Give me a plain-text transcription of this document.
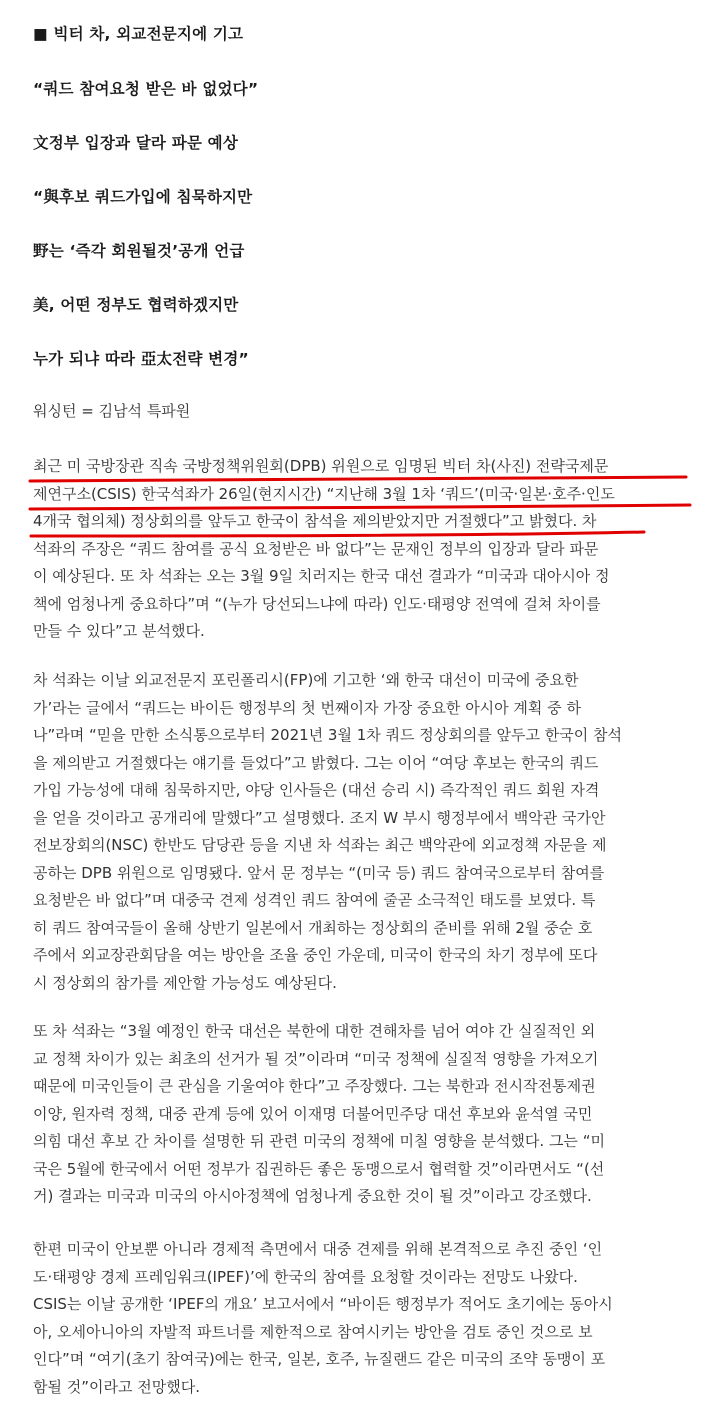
■ 빅터 차, 외교전문지에 기고
“쿼드 참여요청 받은 바 없었다”
文정부 입장과 달라 파문 예상
“與후보 쿼드가입에 침묵하지만
野는 ‘즉각 회원될것’공개 언급
美, 어떤 정부도 협력하겠지만
누가 되냐 따라 亞太전략 변경”
워싱턴 = 김남석 특파원
최근 미 국방장관 직속 국방정책위원회(DPB) 위원으로 임명된 빅터 차(사진) 전략국제문
제연구소(CSIS) 한국석좌가 26일(현지시간) “지난해 3월 1차 ‘쿼드’(미국·일본·호주·인도
4개국 협의체) 정상회의를 앞두고 한국이 참석을 제의받았지만 거절했다”고 밝혔다. 차
석좌의 주장은 “쿼드 참여를 공식 요청받은 바 없다”는 문재인 정부의 입장과 달라 파문
이 예상된다. 또 차 석좌는 오는 3월 9일 치러지는 한국 대선 결과가 “미국과 대아시아 정
책에 엄청나게 중요하다”며 “(누가 당선되느냐에 따라) 인도·태평양 전역에 걸쳐 차이를
만들 수 있다”고 분석했다.
차 석좌는 이날 외교전문지 포린폴리시(FP)에 기고한 ‘왜 한국 대선이 미국에 중요한
가’라는 글에서 “쿼드는 바이든 행정부의 첫 번째이자 가장 중요한 아시아 계획 중 하
나”라며 “믿을 만한 소식통으로부터 2021년 3월 1차 쿼드 정상회의를 앞두고 한국이 참석
을 제의받고 거절했다는 얘기를 들었다”고 밝혔다. 그는 이어 “여당 후보는 한국의 쿼드
가입 가능성에 대해 침묵하지만, 야당 인사들은 (대선 승리 시) 즉각적인 쿼드 회원 자격
을 얻을 것이라고 공개리에 말했다”고 설명했다. 조지 W 부시 행정부에서 백악관 국가안
전보장회의(NSC) 한반도 담당관 등을 지낸 차 석좌는 최근 백악관에 외교정책 자문을 제
공하는 DPB 위원으로 임명됐다. 앞서 문 정부는 “(미국 등) 쿼드 참여국으로부터 참여를
요청받은 바 없다”며 대중국 견제 성격인 쿼드 참여에 줄곧 소극적인 태도를 보였다. 특
히 쿼드 참여국들이 올해 상반기 일본에서 개최하는 정상회의 준비를 위해 2월 중순 호
주에서 외교장관회담을 여는 방안을 조율 중인 가운데, 미국이 한국의 차기 정부에 또다
시 정상회의 참가를 제안할 가능성도 예상된다.
또 차 석좌는 “3월 예정인 한국 대선은 북한에 대한 견해차를 넘어 여야 간 실질적인 외
교 정책 차이가 있는 최초의 선거가 될 것”이라며 “미국 정책에 실질적 영향을 가져오기
때문에 미국인들이 큰 관심을 기울여야 한다”고 주장했다. 그는 북한과 전시작전통제권
이양, 원자력 정책, 대중 관계 등에 있어 이재명 더불어민주당 대선 후보와 윤석열 국민
의힘 대선 후보 간 차이를 설명한 뒤 관련 미국의 정책에 미칠 영향을 분석했다. 그는 “미
국은 5월에 한국에서 어떤 정부가 집권하든 좋은 동맹으로서 협력할 것”이라면서도 “(선
거) 결과는 미국과 미국의 아시아정책에 엄청나게 중요한 것이 될 것”이라고 강조했다.
한편 미국이 안보뿐 아니라 경제적 측면에서 대중 견제를 위해 본격적으로 추진 중인 ‘인
도·태평양 경제 프레임워크(IPEF)’에 한국의 참여를 요청할 것이라는 전망도 나왔다.
CSIS는 이날 공개한 ‘IPEF의 개요’ 보고서에서 “바이든 행정부가 적어도 초기에는 동아시
아, 오세아니아의 자발적 파트너를 제한적으로 참여시키는 방안을 검토 중인 것으로 보
인다”며 “여기(초기 참여국)에는 한국, 일본, 호주, 뉴질랜드 같은 미국의 조약 동맹이 포
함될 것”이라고 전망했다.
